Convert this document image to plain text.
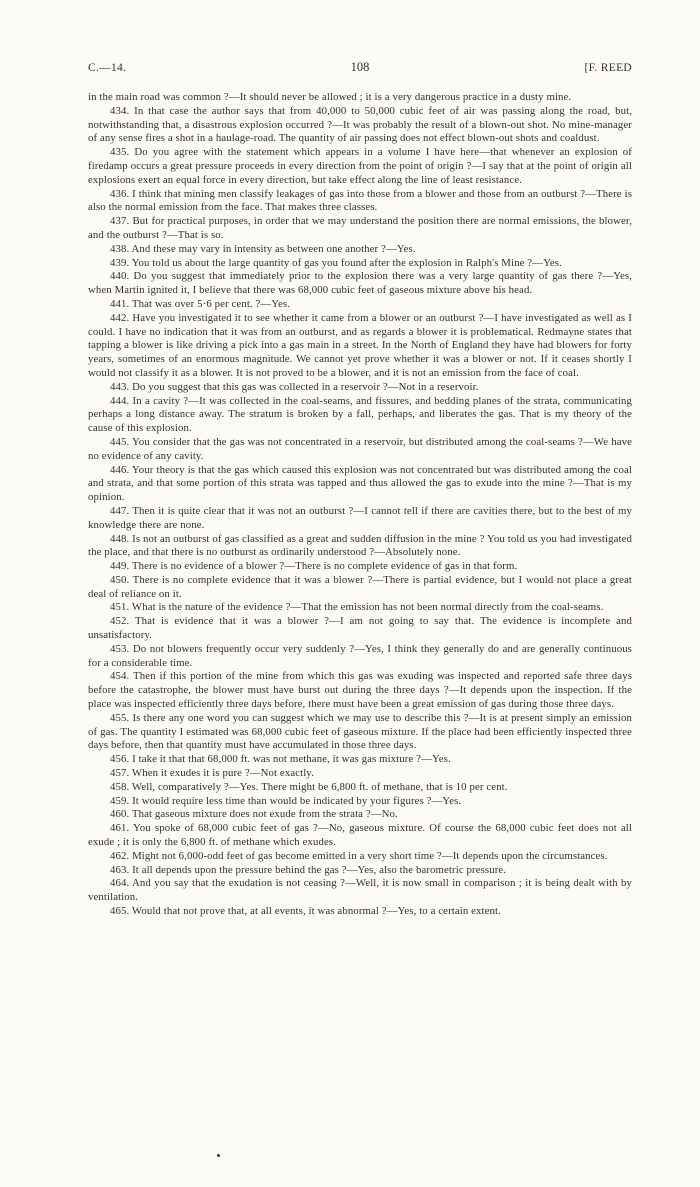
C.—14.	108	[F. REED

in the main road was common ?—It should never be allowed ; it is a very dangerous practice in a dusty mine.

434. In that case the author says that from 40,000 to 50,000 cubic feet of air was passing along the road, but, notwithstanding that, a disastrous explosion occurred ?—It was probably the result of a blown-out shot. No mine-manager of any sense fires a shot in a haulage-road. The quantity of air passing does not effect blown-out shots and coaldust.

435. Do you agree with the statement which appears in a volume I have here—that whenever an explosion of firedamp occurs a great pressure proceeds in every direction from the point of origin ?—I say that at the point of origin all explosions exert an equal force in every direction, but take effect along the line of least resistance.

436. I think that mining men classify leakages of gas into those from a blower and those from an outburst ?—There is also the normal emission from the face. That makes three classes.

437. But for practical purposes, in order that we may understand the position there are normal emissions, the blower, and the outburst ?—That is so.

438. And these may vary in intensity as between one another ?—Yes.

439. You told us about the large quantity of gas you found after the explosion in Ralph's Mine ?—Yes.

440. Do you suggest that immediately prior to the explosion there was a very large quantity of gas there ?—Yes, when Martin ignited it, I believe that there was 68,000 cubic feet of gaseous mixture above his head.

441. That was over 5·6 per cent. ?—Yes.

442. Have you investigated it to see whether it came from a blower or an outburst ?—I have investigated as well as I could. I have no indication that it was from an outburst, and as regards a blower it is problematical. Redmayne states that tapping a blower is like driving a pick into a gas main in a street. In the North of England they have had blowers for forty years, sometimes of an enormous magnitude. We cannot yet prove whether it was a blower or not. If it ceases shortly I would not classify it as a blower. It is not proved to be a blower, and it is not an emission from the face of coal.

443. Do you suggest that this gas was collected in a reservoir ?—Not in a reservoir.

444. In a cavity ?—It was collected in the coal-seams, and fissures, and bedding planes of the strata, communicating perhaps a long distance away. The stratum is broken by a fall, perhaps, and liberates the gas. That is my theory of the cause of this explosion.

445. You consider that the gas was not concentrated in a reservoir, but distributed among the coal-seams ?—We have no evidence of any cavity.

446. Your theory is that the gas which caused this explosion was not concentrated but was distributed among the coal and strata, and that some portion of this strata was tapped and thus allowed the gas to exude into the mine ?—That is my opinion.

447. Then it is quite clear that it was not an outburst ?—I cannot tell if there are cavities there, but to the best of my knowledge there are none.

448. Is not an outburst of gas classified as a great and sudden diffusion in the mine ? You told us you had investigated the place, and that there is no outburst as ordinarily understood ?—Absolutely none.

449. There is no evidence of a blower ?—There is no complete evidence of gas in that form.

450. There is no complete evidence that it was a blower ?—There is partial evidence, but I would not place a great deal of reliance on it.

451. What is the nature of the evidence ?—That the emission has not been normal directly from the coal-seams.

452. That is evidence that it was a blower ?—I am not going to say that. The evidence is incomplete and unsatisfactory.

453. Do not blowers frequently occur very suddenly ?—Yes, I think they generally do and are generally continuous for a considerable time.

454. Then if this portion of the mine from which this gas was exuding was inspected and reported safe three days before the catastrophe, the blower must have burst out during the three days ?—It depends upon the inspection. If the place was inspected efficiently three days before, there must have been a great emission of gas during those three days.

455. Is there any one word you can suggest which we may use to describe this ?—It is at present simply an emission of gas. The quantity I estimated was 68,000 cubic feet of gaseous mixture. If the place had been efficiently inspected three days before, then that quantity must have accumulated in those three days.

456. I take it that that 68,000 ft. was not methane, it was gas mixture ?—Yes.

457. When it exudes it is pure ?—Not exactly.

458. Well, comparatively ?—Yes. There might be 6,800 ft. of methane, that is 10 per cent.

459. It would require less time than would be indicated by your figures ?—Yes.

460. That gaseous mixture does not exude from the strata ?—No.

461. You spoke of 68,000 cubic feet of gas ?—No, gaseous mixture. Of course the 68,000 cubic feet does not all exude ; it is only the 6,800 ft. of methane which exudes.

462. Might not 6,000-odd feet of gas become emitted in a very short time ?—It depends upon the circumstances.

463. It all depends upon the pressure behind the gas ?—Yes, also the barometric pressure.

464. And you say that the exudation is not ceasing ?—Well, it is now small in comparison ; it is being dealt with by ventilation.

465. Would that not prove that, at all events, it was abnormal ?—Yes, to a certain extent.
